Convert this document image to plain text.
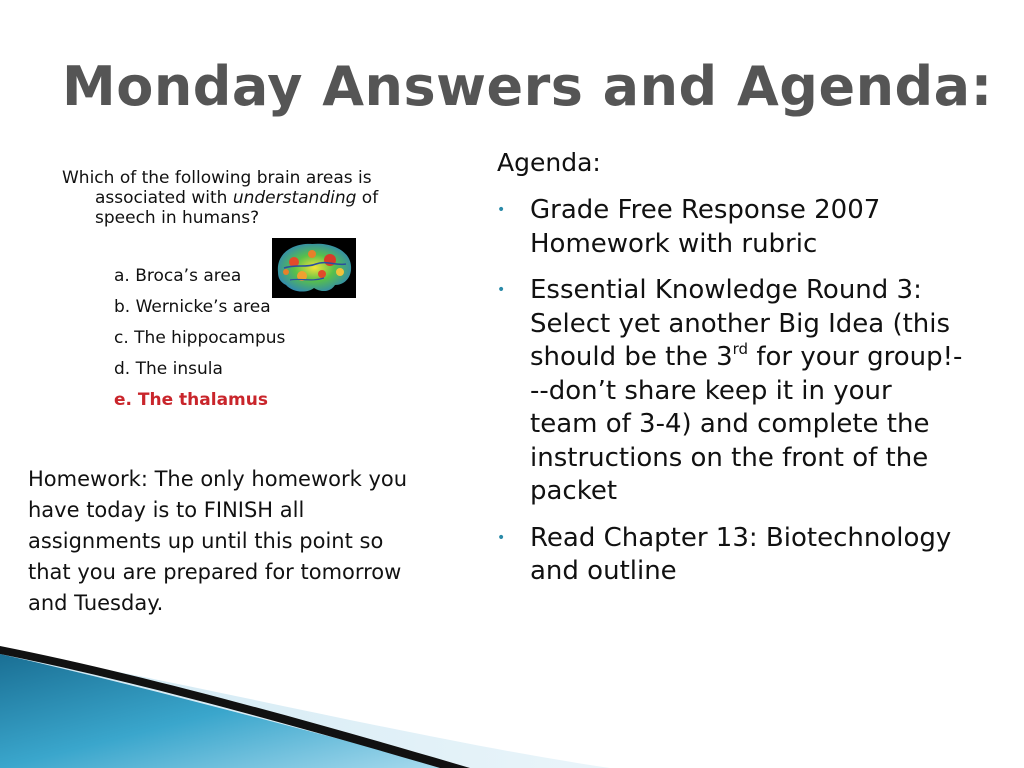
Monday Answers and Agenda:
Which of the following brain areas is associated with understanding of speech in humans?
a. Broca’s area
b. Wernicke’s area
c. The hippocampus
d. The insula
e. The thalamus
Homework: The only homework you have today is to FINISH all assignments up until this point so that you are prepared for tomorrow and Tuesday.
Agenda:
• Grade Free Response 2007 Homework with rubric
• Essential Knowledge Round 3: Select yet another Big Idea (this should be the 3rd for your group!---don’t share keep it in your team of 3-4) and complete the instructions on the front of the packet
• Read Chapter 13: Biotechnology and outline
